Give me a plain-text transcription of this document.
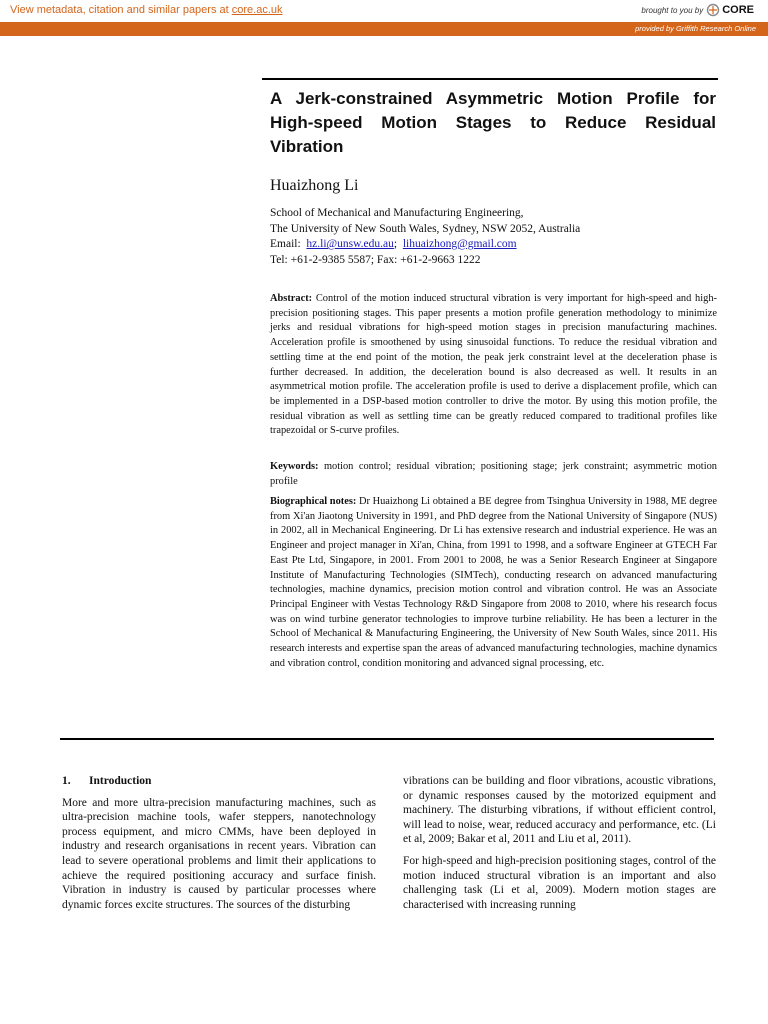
View metadata, citation and similar papers at core.ac.uk	brought to you by CORE
provided by Griffith Research Online
A Jerk-constrained Asymmetric Motion Profile for High-speed Motion Stages to Reduce Residual Vibration

Huaizhong Li

School of Mechanical and Manufacturing Engineering,
The University of New South Wales, Sydney, NSW 2052, Australia
Email: hz.li@unsw.edu.au; lihuaizhong@gmail.com
Tel: +61-2-9385 5587; Fax: +61-2-9663 1222
Abstract: Control of the motion induced structural vibration is very important for high-speed and high-precision positioning stages. This paper presents a motion profile generation methodology to minimize jerks and residual vibrations for high-speed motion stages in precision manufacturing machines. Acceleration profile is smoothened by using sinusoidal functions. To reduce the residual vibration and settling time at the end point of the motion, the peak jerk constraint level at the deceleration phase is further decreased. In addition, the deceleration bound is also decreased as well. It results in an asymmetrical motion profile. The acceleration profile is used to derive a displacement profile, which can be implemented in a DSP-based motion controller to drive the motor. By using this motion profile, the residual vibration as well as settling time can be greatly reduced compared to traditional profiles like trapezoidal or S-curve profiles.
Keywords: motion control; residual vibration; positioning stage; jerk constraint; asymmetric motion profile
Biographical notes: Dr Huaizhong Li obtained a BE degree from Tsinghua University in 1988, ME degree from Xi'an Jiaotong University in 1991, and PhD degree from the National University of Singapore (NUS) in 2002, all in Mechanical Engineering. Dr Li has extensive research and industrial experience. He was an Engineer and project manager in Xi'an, China, from 1991 to 1998, and a software Engineer at GTECH Far East Pte Ltd, Singapore, in 2001. From 2001 to 2008, he was a Senior Research Engineer at Singapore Institute of Manufacturing Technologies (SIMTech), conducting research on advanced manufacturing technologies, machine dynamics, precision motion control and vibration control. He was an Associate Principal Engineer with Vestas Technology R&D Singapore from 2008 to 2010, where his research focus was on wind turbine generator technologies to improve turbine reliability. He has been a lecturer in the School of Mechanical & Manufacturing Engineering, the University of New South Wales, since 2011. His research interests and expertise span the areas of advanced manufacturing technologies, machine dynamics and vibration control, condition monitoring and advanced signal processing, etc.
1. Introduction

More and more ultra-precision manufacturing machines, such as ultra-precision machine tools, wafer steppers, nanotechnology process equipment, and micro CMMs, have been deployed in industry and research organisations in recent years. Vibration can lead to severe operational problems and limit their applications to achieve the required positioning accuracy and surface finish. Vibration in industry is caused by particular processes where dynamic forces excite structures. The sources of the disturbing

vibrations can be building and floor vibrations, acoustic vibrations, or dynamic responses caused by the motorized equipment and machinery. The disturbing vibrations, if without efficient control, will lead to noise, wear, reduced accuracy and performance, etc. (Li et al, 2009; Bakar et al, 2011 and Liu et al, 2011).

For high-speed and high-precision positioning stages, control of the motion induced structural vibration is an important and also challenging task (Li et al, 2009). Modern motion stages are characterised with increasing running
